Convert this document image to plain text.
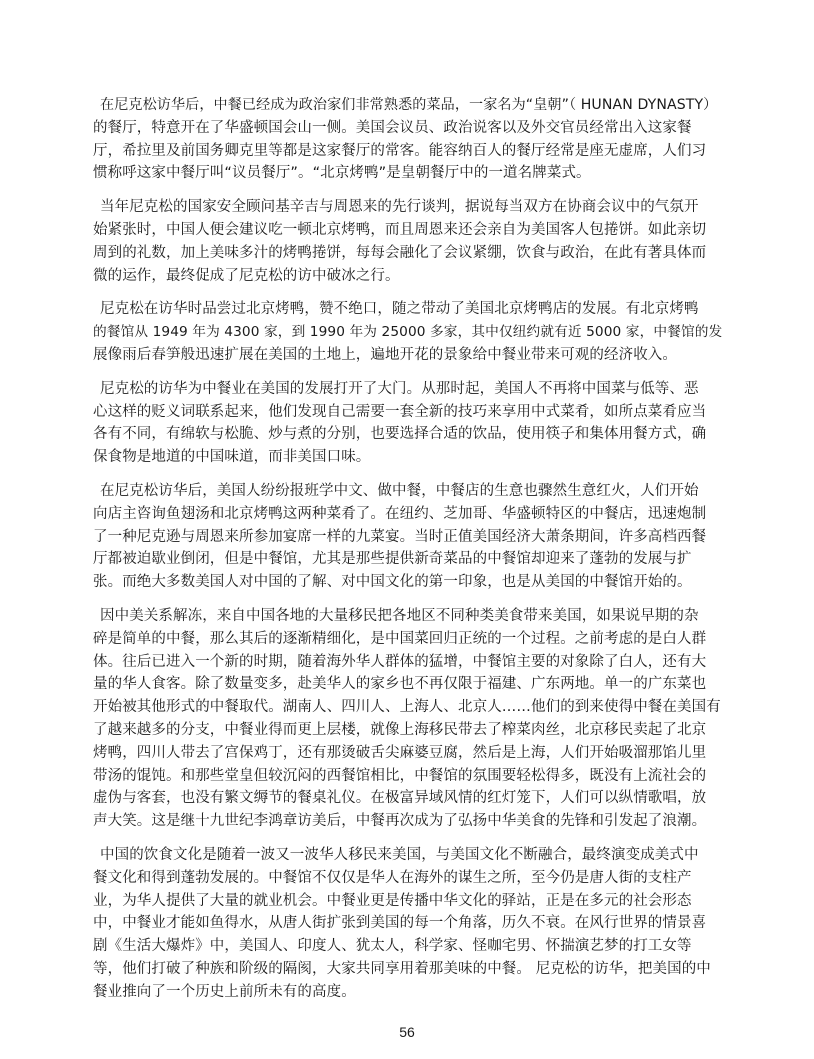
在尼克松访华后，中餐已经成为政治家们非常熟悉的菜品，一家名为“皇朝”（ HUNAN DYNASTY）
的餐厅，特意开在了华盛顿国会山一侧。美国会议员、政治说客以及外交官员经常出入这家餐
厅，希拉里及前国务卿克里等都是这家餐厅的常客。能容纳百人的餐厅经常是座无虚席，人们习
惯称呼这家中餐厅叫“议员餐厅”。“北京烤鸭”是皇朝餐厅中的一道名牌菜式。

当年尼克松的国家安全顾问基辛吉与周恩来的先行谈判，据说每当双方在协商会议中的气氛开
始紧张时，中国人便会建议吃一顿北京烤鸭，而且周恩来还会亲自为美国客人包捲饼。如此亲切
周到的礼数，加上美味多汁的烤鸭捲饼，每每会融化了会议紧绷，饮食与政治，在此有著具体而
微的运作，最终促成了尼克松的访中破冰之行。

尼克松在访华时品尝过北京烤鸭，赞不绝口，随之带动了美国北京烤鸭店的发展。有北京烤鸭
的餐馆从 1949 年为 4300 家，到 1990 年为 25000 多家，其中仅纽约就有近 5000 家，中餐馆的发
展像雨后春笋般迅速扩展在美国的土地上，遍地开花的景象给中餐业带来可观的经济收入。

尼克松的访华为中餐业在美国的发展打开了大门。从那时起，美国人不再将中国菜与低等、恶
心这样的贬义词联系起来，他们发现自己需要一套全新的技巧来享用中式菜肴，如所点菜肴应当
各有不同，有绵软与松脆、炒与煮的分别，也要选择合适的饮品，使用筷子和集体用餐方式，确
保食物是地道的中国味道，而非美国口味。

在尼克松访华后，美国人纷纷报班学中文、做中餐，中餐店的生意也骤然生意红火，人们开始
向店主咨询鱼翅汤和北京烤鸭这两种菜肴了。在纽约、芝加哥、华盛顿特区的中餐店，迅速炮制
了一种尼克逊与周恩来所参加宴席一样的九菜宴。当时正值美国经济大萧条期间，许多高档西餐
厅都被迫歇业倒闭，但是中餐馆，尤其是那些提供新奇菜品的中餐馆却迎来了蓬勃的发展与扩
张。而绝大多数美国人对中国的了解、对中国文化的第一印象，也是从美国的中餐馆开始的。

因中美关系解冻，来自中国各地的大量移民把各地区不同种类美食带来美国，如果说早期的杂
碎是简单的中餐，那么其后的逐渐精细化，是中国菜回归正统的一个过程。之前考虑的是白人群
体。往后已进入一个新的时期，随着海外华人群体的猛增，中餐馆主要的对象除了白人，还有大
量的华人食客。除了数量变多，赴美华人的家乡也不再仅限于福建、广东两地。单一的广东菜也
开始被其他形式的中餐取代。湖南人、四川人、上海人、北京人……他们的到来使得中餐在美国有
了越来越多的分支，中餐业得而更上层楼，就像上海移民带去了榨菜肉丝，北京移民卖起了北京
烤鸭，四川人带去了宫保鸡丁，还有那烫破舌尖麻婆豆腐，然后是上海，人们开始吸溜那馅儿里
带汤的馄饨。和那些堂皇但较沉闷的西餐馆相比，中餐馆的氛围要轻松得多，既没有上流社会的
虚伪与客套，也没有繁文缛节的餐桌礼仪。在极富异域风情的红灯笼下，人们可以纵情歌唱，放
声大笑。这是继十九世纪李鸿章访美后，中餐再次成为了弘扬中华美食的先锋和引发起了浪潮。

中国的饮食文化是随着一波又一波华人移民来美国，与美国文化不断融合，最终演变成美式中
餐文化和得到蓬勃发展的。中餐馆不仅仅是华人在海外的谋生之所，至今仍是唐人街的支柱产
业，为华人提供了大量的就业机会。中餐业更是传播中华文化的驿站，正是在多元的社会形态
中，中餐业才能如鱼得水，从唐人街扩张到美国的每一个角落，历久不衰。在风行世界的情景喜
剧《生活大爆炸》中，美国人、印度人、犹太人，科学家、怪咖宅男、怀揣演艺梦的打工女等
等，他们打破了种族和阶级的隔阂，大家共同享用着那美味的中餐。 尼克松的访华，把美国的中
餐业推向了一个历史上前所未有的高度。

56
